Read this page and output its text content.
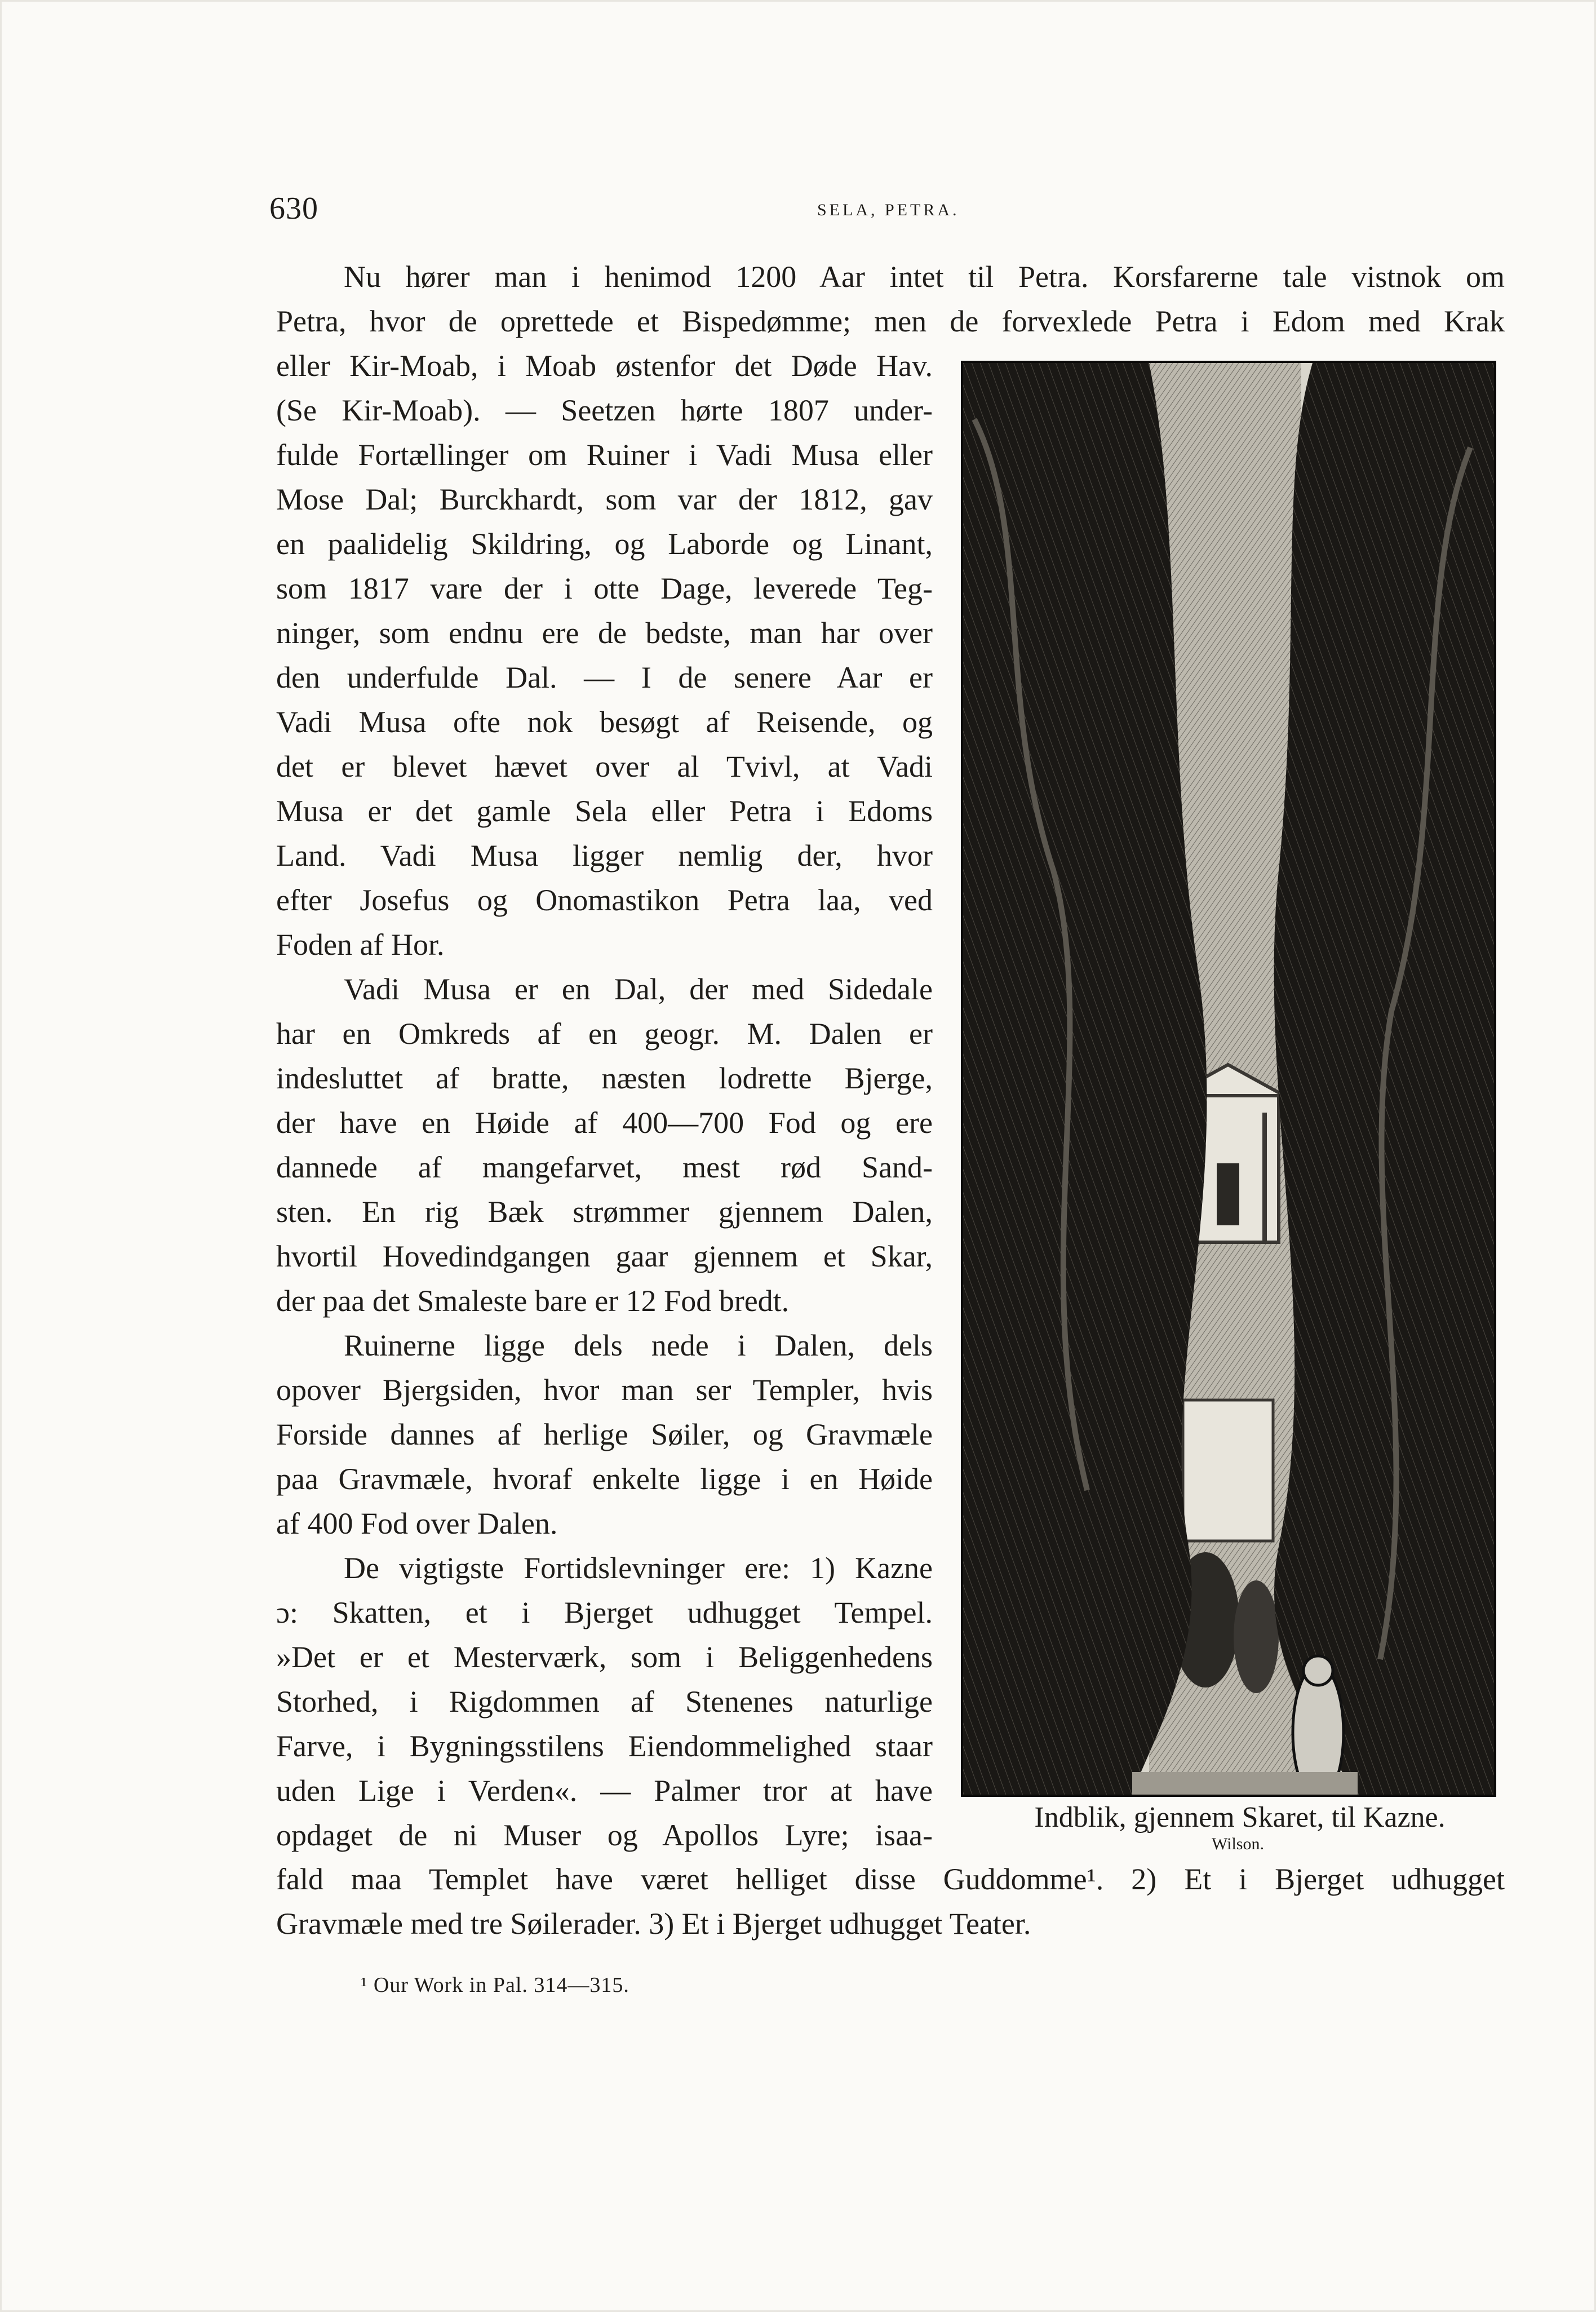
630	SELA, PETRA.
Nu hører man i henimod 1200 Aar intet til Petra. Korsfarerne tale vistnok om
Petra, hvor de oprettede et Bispedømme; men de forvexlede Petra i Edom med Krak
eller Kir-Moab, i Moab østenfor det Døde Hav.
(Se Kir-Moab). — Seetzen hørte 1807 under-
fulde Fortællinger om Ruiner i Vadi Musa eller
Mose Dal; Burckhardt, som var der 1812, gav
en paalidelig Skildring, og Laborde og Linant,
som 1817 vare der i otte Dage, leverede Teg-
ninger, som endnu ere de bedste, man har over
den underfulde Dal. — I de senere Aar er
Vadi Musa ofte nok besøgt af Reisende, og
det er blevet hævet over al Tvivl, at Vadi
Musa er det gamle Sela eller Petra i Edoms
Land. Vadi Musa ligger nemlig der, hvor
efter Josefus og Onomastikon Petra laa, ved
Foden af Hor.
Vadi Musa er en Dal, der med Sidedale
har en Omkreds af en geogr. M. Dalen er
indesluttet af bratte, næsten lodrette Bjerge,
der have en Høide af 400—700 Fod og ere
dannede af mangefarvet, mest rød Sand-
sten. En rig Bæk strømmer gjennem Dalen,
hvortil Hovedindgangen gaar gjennem et Skar,
der paa det Smaleste bare er 12 Fod bredt.
Ruinerne ligge dels nede i Dalen, dels
opover Bjergsiden, hvor man ser Templer, hvis
Forside dannes af herlige Søiler, og Gravmæle
paa Gravmæle, hvoraf enkelte ligge i en Høide
af 400 Fod over Dalen.
De vigtigste Fortidslevninger ere: 1) Kazne
ɔ: Skatten, et i Bjerget udhugget Tempel.
»Det er et Mesterværk, som i Beliggenhedens
Storhed, i Rigdommen af Stenenes naturlige
Farve, i Bygningsstilens Eiendommelighed staar
uden Lige i Verden«. — Palmer tror at have
opdaget de ni Muser og Apollos Lyre; isaa-
Indblik, gjennem Skaret, til Kazne.
Wilson.
fald maa Templet have været helliget disse Guddomme¹. 2) Et i Bjerget udhugget
Gravmæle med tre Søilerader. 3) Et i Bjerget udhugget Teater.
¹ Our Work in Pal. 314—315.
